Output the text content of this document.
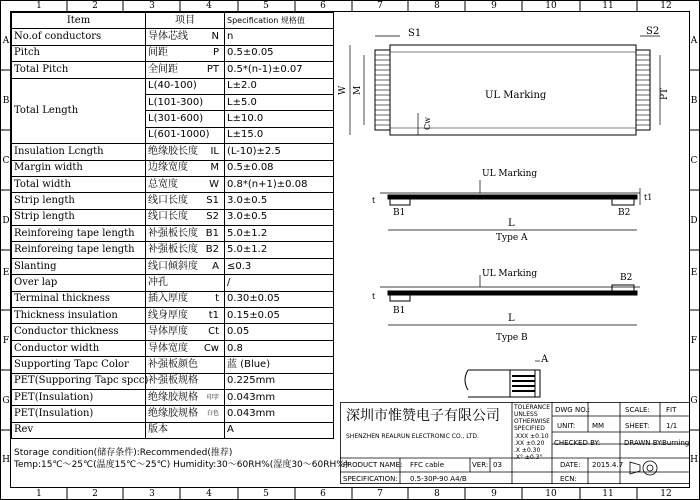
1	2	3	4	5	6	7	8	9	10	11	12
1	2	3	4	5	6	7	8	9	10	11	12
A
B
C
D
E
F
G
H
A
B
C
D
E
F
G
H
Item	项目	Specification 规格值
No.of conductors	导体芯线 N	n
Pitch	间距 P	0.5±0.05
Total Pitch	全间距 PT	0.5*(n-1)±0.07
Total Length	L(40-100)	L±2.0
	L(101-300)	L±5.0
	L(301-600)	L±10.0
	L(601-1000)	L±15.0
Insulation Lcngth	绝缘胶长度 IL	(L-10)±2.5
Margin width	边缘宽度 M	0.5±0.08
Total width	总宽度 W	0.8*(n+1)±0.08
Strip length	线口长度 S1	3.0±0.5
Strip length	线口长度 S2	3.0±0.5
Reinforeing tape length	补强板长度 B1	5.0±1.2
Reinforeing tape length	补强板长度 B2	5.0±1.2
Slanting	线口倾斜度 A	≤0.3
Over lap	冲孔	/
Terminal thickness	插入厚度 t	0.30±0.05
Thickness insulation	线身厚度 t1	0.15±0.05
Conductor thickness	导体厚度 Ct	0.05
Conductor width	导体宽度 Cw	0.8
Supporting Tapc Color	补强板颜色	蓝 (Blue)
PET(Supporing Tapc spcc)	补强板规格	0.225mm
PET(Insulation)	绝缘胶规格 印字	0.043mm
PET(Insulation)	绝缘胶规格 白色	0.043mm
Rev	版本	A
Storage condition(储存条件):Recommended(推荐)
Temp:15℃～25℃(温度15℃～25℃) Humidity:30～60RH%(湿度30～60RH%)
S1	S2
W M	PT
Cw
UL Marking
UL Marking
t	t1
B1	B2
L
Type A
UL Marking
t
B2
B1
L
Type B
A
深圳市惟赞电子有限公司
SHENZHEN REALRUN ELECTRONIC CO., LTD.
TOLERANCE UNLESS OTHERWISE SPECIFIED
.XXX ±0.10
.XX ±0.20
.X ±0.30
.X° ±0.3°
DWG NO.:	SCALE: FIT
UNIT: MM	SHEET: 1/1
CHECKED BY:	DRAWN BY: Burning
PRODUCT NAME: FFC cable	VER: 03	DATE: 2015.4.7
SPECIFICATION: 0.5-30P-90 A4/B	ECN:
